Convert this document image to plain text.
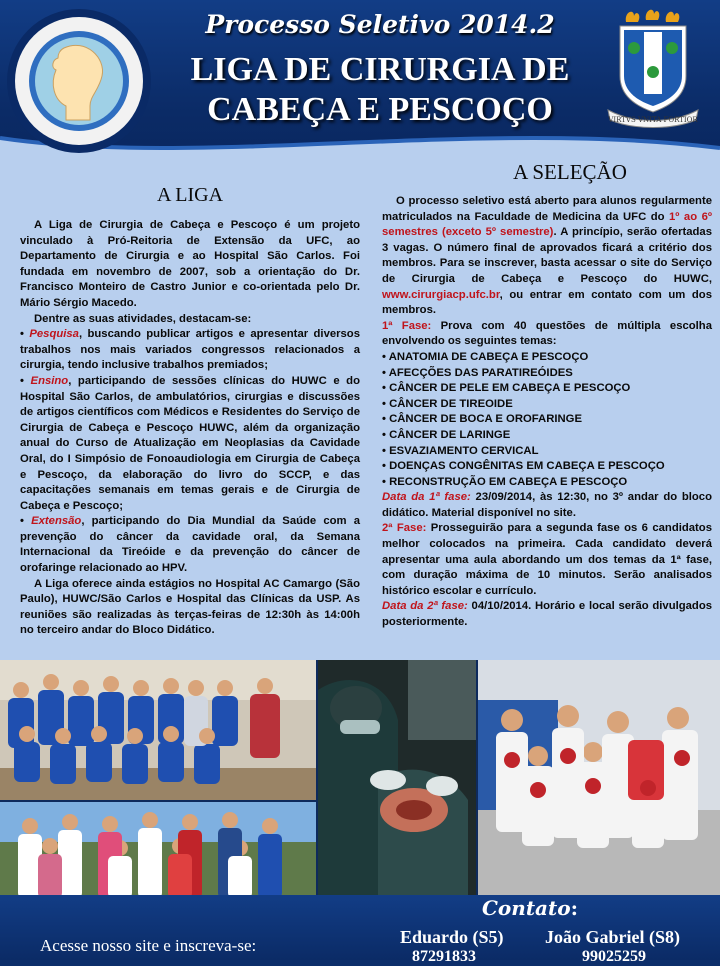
VIRTVS VNITA FORTIOR
Processo Seletivo 2014.2
LIGA DE CIRURGIA DE
CABEÇA E PESCOÇO
A LIGA
A SELEÇÃO

A Liga de Cirurgia de Cabeça e Pescoço é um projeto vinculado à Pró-Reitoria de Extensão da UFC, ao Departamento de Cirurgia e ao Hospital São Carlos. Foi fundada em novembro de 2007, sob a orientação do Dr. Francisco Monteiro de Castro Junior e co-orientada pelo Dr. Mário Sérgio Macedo.

Dentre as suas atividades, destacam-se:

• Pesquisa, buscando publicar artigos e apresentar diversos trabalhos nos mais variados congressos relacionados a cirurgia, tendo inclusive trabalhos premiados;

• Ensino, participando de sessões clínicas do HUWC e do Hospital São Carlos, de ambulatórios, cirurgias e discussões de artigos científicos com Médicos e Residentes do Serviço de Cirurgia de Cabeça e Pescoço HUWC, além da organização anual do Curso de Atualização em Neoplasias da Cavidade Oral, do I Simpósio de Fonoaudiologia em Cirurgia de Cabeça e Pescoço, da elaboração do livro do SCCP, e das capacitações semanais em temas gerais e de Cirurgia de Cabeça e Pescoço;

• Extensão, participando do Dia Mundial da Saúde com a prevenção do câncer da cavidade oral, da Semana Internacional da Tireóide e da prevenção do câncer de orofaringe relacionado ao HPV.

A Liga oferece ainda estágios no Hospital AC Camargo (São Paulo), HUWC/São Carlos e Hospital das Clínicas da USP. As reuniões são realizadas às terças-feiras de 12:30h às 14:00h no terceiro andar do Bloco Didático.

O processo seletivo está aberto para alunos regularmente matriculados na Faculdade de Medicina da UFC do 1º ao 6º semestres (exceto 5º semestre). A princípio, serão ofertadas 3 vagas. O número final de aprovados ficará a critério dos membros. Para se inscrever, basta acessar o site do Serviço de Cirurgia de Cabeça e Pescoço do HUWC, www.cirurgiacp.ufc.br, ou entrar em contato com um dos membros.

1ª Fase: Prova com 40 questões de múltipla escolha envolvendo os seguintes temas:

• ANATOMIA DE CABEÇA E PESCOÇO
• AFECÇÕES DAS PARATIREÓIDES
• CÂNCER DE PELE EM CABEÇA E PESCOÇO
• CÂNCER DE TIREOIDE
• CÂNCER DE BOCA E OROFARINGE
• CÂNCER DE LARINGE
• ESVAZIAMENTO CERVICAL
• DOENÇAS CONGÊNITAS EM CABEÇA E PESCOÇO
• RECONSTRUÇÃO EM CABEÇA E PESCOÇO

Data da 1ª fase: 23/09/2014, às 12:30, no 3º andar do bloco didático. Material disponível no site.

2ª Fase: Prosseguirão para a segunda fase os 6 candidatos melhor colocados na primeira. Cada candidato deverá apresentar uma aula abordando um dos temas da 1ª fase, com duração máxima de 10 minutos. Serão analisados histórico escolar e currículo.

Data da 2ª fase: 04/10/2014. Horário e local serão divulgados posteriormente.

Acesse nosso site e inscreva-se:
Contato:
Eduardo (S5) João Gabriel (S8)
87291833	99025259
